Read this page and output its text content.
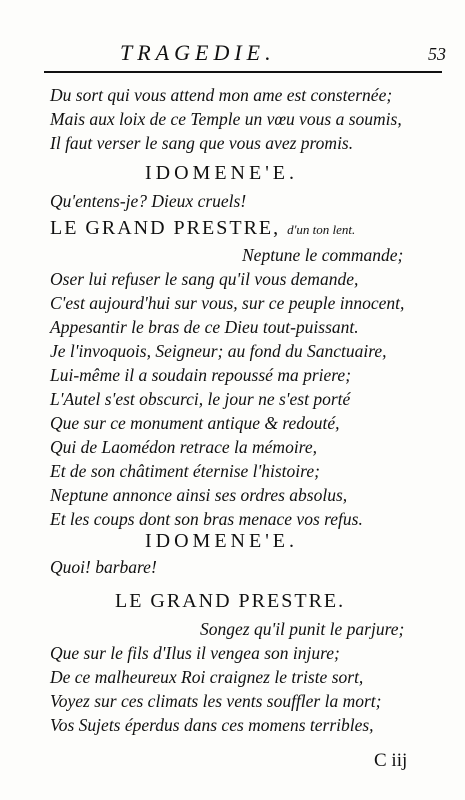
TRAGEDIE.	53
Du sort qui vous attend mon ame est consternée;
Mais aux loix de ce Temple un vœu vous a soumis,
Il faut verser le sang que vous avez promis.
IDOMENE'E.
Qu'entens-je? Dieux cruels!
LE GRAND PRESTRE, d'un ton lent.
Neptune le commande;
Oser lui refuser le sang qu'il vous demande,
C'est aujourd'hui sur vous, sur ce peuple innocent,
Appesantir le bras de ce Dieu tout-puissant.
Je l'invoquois, Seigneur; au fond du Sanctuaire,
Lui-même il a soudain repoussé ma priere;
L'Autel s'est obscurci, le jour ne s'est porté
Que sur ce monument antique & redouté,
Qui de Laomédon retrace la mémoire,
Et de son châtiment éternise l'histoire;
Neptune annonce ainsi ses ordres absolus,
Et les coups dont son bras menace vos refus.
IDOMENE'E.
Quoi! barbare!
LE GRAND PRESTRE.
Songez qu'il punit le parjure;
Que sur le fils d'Ilus il vengea son injure;
De ce malheureux Roi craignez le triste sort,
Voyez sur ces climats les vents souffler la mort;
Vos Sujets éperdus dans ces momens terribles,
C iij
